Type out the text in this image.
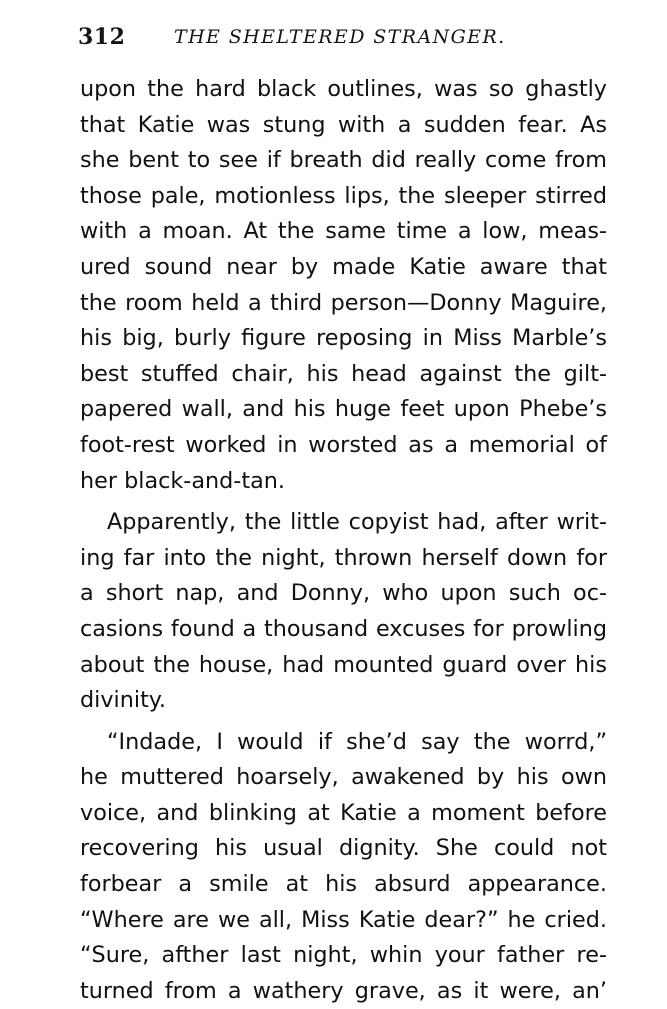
312	THE SHELTERED STRANGER.
upon the hard black outlines, was so ghastly
that Katie was stung with a sudden fear. As
she bent to see if breath did really come from
those pale, motionless lips, the sleeper stirred
with a moan. At the same time a low, meas-
ured sound near by made Katie aware that
the room held a third person—Donny Maguire,
his big, burly figure reposing in Miss Marble’s
best stuffed chair, his head against the gilt-
papered wall, and his huge feet upon Phebe’s
foot-rest worked in worsted as a memorial of
her black-and-tan.
Apparently, the little copyist had, after writ-
ing far into the night, thrown herself down for
a short nap, and Donny, who upon such oc-
casions found a thousand excuses for prowling
about the house, had mounted guard over his
divinity.
“Indade, I would if she’d say the worrd,”
he muttered hoarsely, awakened by his own
voice, and blinking at Katie a moment before
recovering his usual dignity. She could not
forbear a smile at his absurd appearance.
“Where are we all, Miss Katie dear?” he cried.
“Sure, afther last night, whin your father re-
turned from a wathery grave, as it were, an’
